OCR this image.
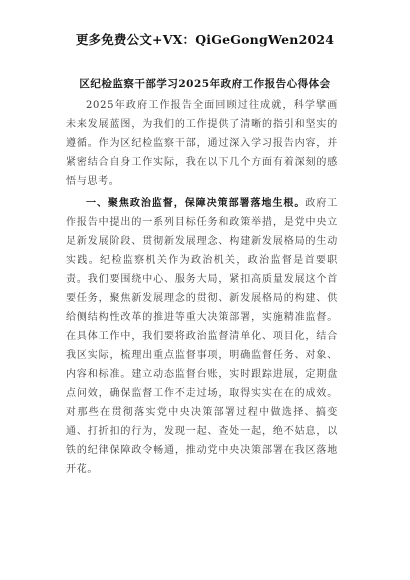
更多免费公文+VX：QiGeGongWen2024
区纪检监察干部学习2025年政府工作报告心得体会

2025年政府工作报告全面回顾过往成就，科学擘画未来发展蓝图，为我们的工作提供了清晰的指引和坚实的遵循。作为区纪检监察干部，通过深入学习报告内容，并紧密结合自身工作实际，我在以下几个方面有着深刻的感悟与思考。

一、聚焦政治监督，保障决策部署落地生根。政府工作报告中提出的一系列目标任务和政策举措，是党中央立足新发展阶段、贯彻新发展理念、构建新发展格局的生动实践。纪检监察机关作为政治机关，政治监督是首要职责。我们要围绕中心、服务大局，紧扣高质量发展这个首要任务，聚焦新发展理念的贯彻、新发展格局的构建、供给侧结构性改革的推进等重大决策部署，实施精准监督。在具体工作中，我们要将政治监督清单化、项目化，结合我区实际，梳理出重点监督事项，明确监督任务、对象、内容和标准。建立动态监督台账，实时跟踪进展，定期盘点问效，确保监督工作不走过场，取得实实在在的成效。对那些在贯彻落实党中央决策部署过程中做选择、搞变通、打折扣的行为，发现一起、查处一起，绝不姑息，以铁的纪律保障政令畅通，推动党中央决策部署在我区落地开花。
